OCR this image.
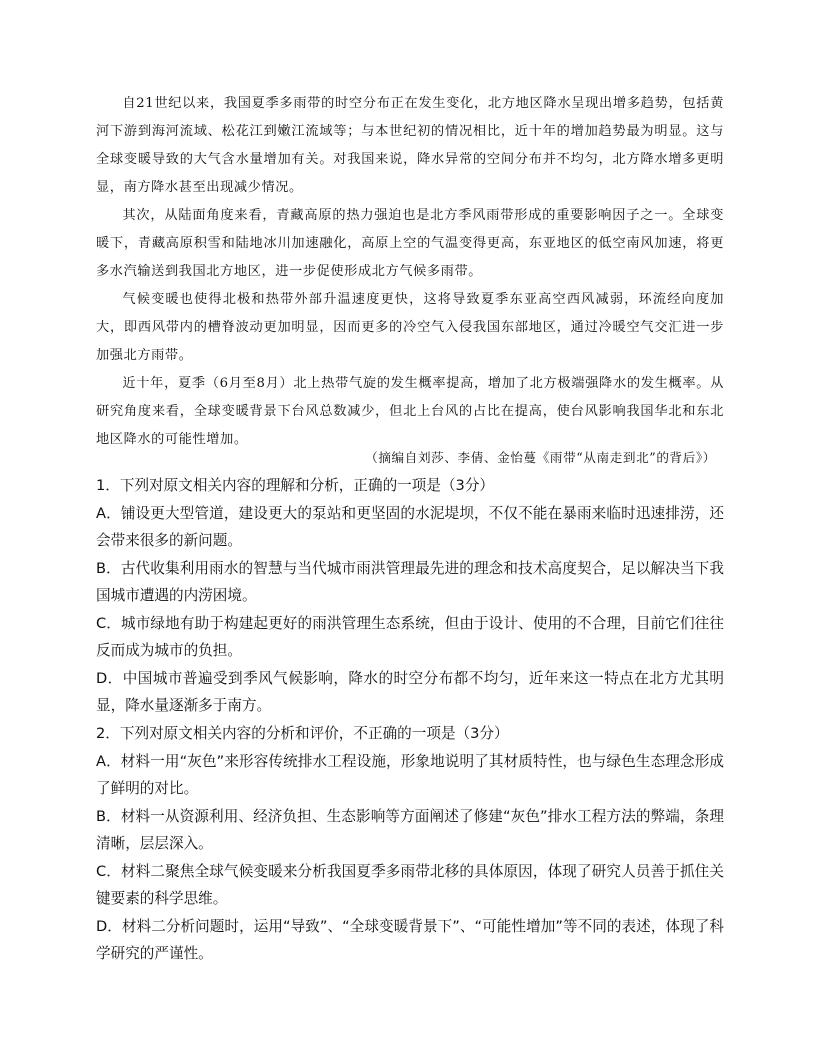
自21世纪以来，我国夏季多雨带的时空分布正在发生变化，北方地区降水呈现出增多趋势，包括黄河下游到海河流域、松花江到嫩江流域等；与本世纪初的情况相比，近十年的增加趋势最为明显。这与全球变暖导致的大气含水量增加有关。对我国来说，降水异常的空间分布并不均匀，北方降水增多更明显，南方降水甚至出现减少情况。

其次，从陆面角度来看，青藏高原的热力强迫也是北方季风雨带形成的重要影响因子之一。全球变暖下，青藏高原积雪和陆地冰川加速融化，高原上空的气温变得更高，东亚地区的低空南风加速，将更多水汽输送到我国北方地区，进一步促使形成北方气候多雨带。

气候变暖也使得北极和热带外部升温速度更快，这将导致夏季东亚高空西风减弱，环流经向度加大，即西风带内的槽脊波动更加明显，因而更多的冷空气入侵我国东部地区，通过冷暖空气交汇进一步加强北方雨带。

近十年，夏季（6月至8月）北上热带气旋的发生概率提高，增加了北方极端强降水的发生概率。从研究角度来看，全球变暖背景下台风总数减少，但北上台风的占比在提高，使台风影响我国华北和东北地区降水的可能性增加。

（摘编自刘莎、李倩、金怡蔓《雨带“从南走到北”的背后》）
1．下列对原文相关内容的理解和分析，正确的一项是（3分）
A．铺设更大型管道，建设更大的泵站和更坚固的水泥堤坝，不仅不能在暴雨来临时迅速排涝，还会带来很多的新问题。
B．古代收集利用雨水的智慧与当代城市雨洪管理最先进的理念和技术高度契合，足以解决当下我国城市遭遇的内涝困境。
C．城市绿地有助于构建起更好的雨洪管理生态系统，但由于设计、使用的不合理，目前它们往往反而成为城市的负担。
D．中国城市普遍受到季风气候影响，降水的时空分布都不均匀，近年来这一特点在北方尤其明显，降水量逐渐多于南方。
2．下列对原文相关内容的分析和评价，不正确的一项是（3分）
A．材料一用“灰色”来形容传统排水工程设施，形象地说明了其材质特性，也与绿色生态理念形成了鲜明的对比。
B．材料一从资源利用、经济负担、生态影响等方面阐述了修建“灰色”排水工程方法的弊端，条理清晰，层层深入。
C．材料二聚焦全球气候变暖来分析我国夏季多雨带北移的具体原因，体现了研究人员善于抓住关键要素的科学思维。
D．材料二分析问题时，运用“导致”、“全球变暖背景下”、“可能性增加”等不同的表述，体现了科学研究的严谨性。
